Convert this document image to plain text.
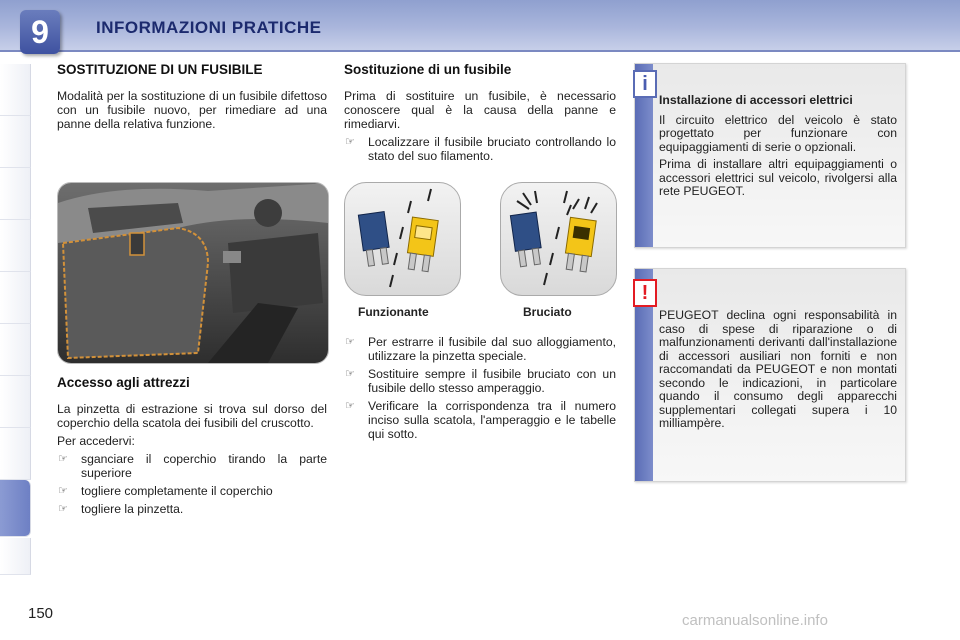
9	INFORMAZIONI PRATICHE
SOSTITUZIONE DI UN FUSIBILE

Modalità per la sostituzione di un fusibile difettoso con un fusibile nuovo, per rimediare ad una panne della relativa funzione.

Accesso agli attrezzi

La pinzetta di estrazione si trova sul dorso del coperchio della scatola dei fusibili del cruscotto.

Per accedervi:

☞ sganciare il coperchio tirando la parte superiore
☞ togliere completamente il coperchio
☞ togliere la pinzetta.
Sostituzione di un fusibile

Prima di sostituire un fusibile, è necessario conoscere qual è la causa della panne e rimediarvi.

☞ Localizzare il fusibile bruciato controllando lo stato del suo filamento.
Funzionante	Bruciato
☞ Per estrarre il fusibile dal suo alloggiamento, utilizzare la pinzetta speciale.
☞ Sostituire sempre il fusibile bruciato con un fusibile dello stesso amperaggio.
☞ Verificare la corrispondenza tra il numero inciso sulla scatola, l'amperaggio e le tabelle qui sotto.
i

Installazione di accessori elettrici

Il circuito elettrico del veicolo è stato progettato per funzionare con equipaggiamenti di serie o opzionali.

Prima di installare altri equipaggiamenti o accessori elettrici sul veicolo, rivolgersi alla rete PEUGEOT.

!

PEUGEOT declina ogni responsabilità in caso di spese di riparazione o di malfunzionamenti derivanti dall'installazione di accessori ausiliari non forniti e non raccomandati da PEUGEOT e non montati secondo le indicazioni, in particolare quando il consumo degli apparecchi supplementari collegati supera i 10 milliampère.

150	carmanualsonline.info
